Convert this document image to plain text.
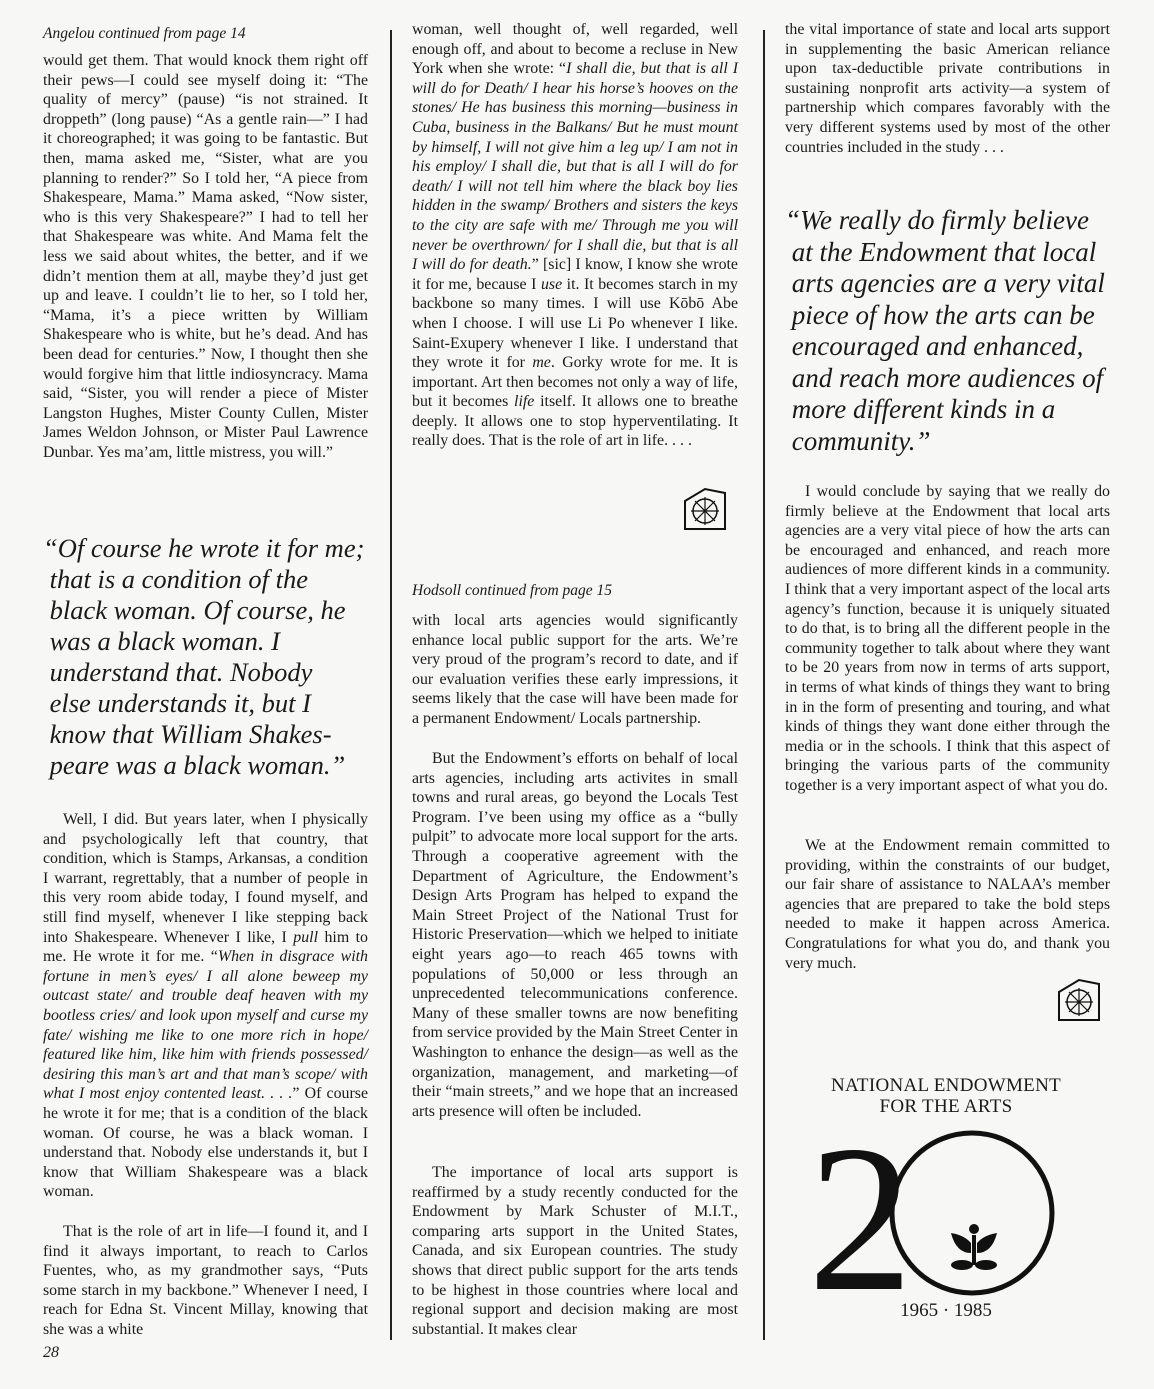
Angelou continued from page 14

would get them. That would knock them right off their pews—I could see myself doing it: “The quality of mercy” (pause) “is not strained. It droppeth” (long pause) “As a gentle rain—” I had it choreographed; it was going to be fantastic. But then, mama asked me, “Sister, what are you planning to render?” So I told her, “A piece from Shakespeare, Mama.” Mama asked, “Now sister, who is this very Shakespeare?” I had to tell her that Shakespeare was white. And Mama felt the less we said about whites, the better, and if we didn’t mention them at all, maybe they’d just get up and leave. I couldn’t lie to her, so I told her, “Mama, it’s a piece written by William Shakespeare who is white, but he’s dead. And has been dead for centuries.” Now, I thought then she would forgive him that little indiosyncracy. Mama said, “Sister, you will render a piece of Mister Langston Hughes, Mister County Cullen, Mister James Weldon Johnson, or Mister Paul Lawrence Dunbar. Yes ma’am, little mistress, you will.”

“Of course he wrote it for me;
that is a condition of the
black woman. Of course, he
was a black woman. I
understand that. Nobody
else understands it, but I
know that William Shakes-
peare was a black woman.”

Well, I did. But years later, when I physically and psychologically left that country, that condition, which is Stamps, Arkansas, a condition I warrant, regrettably, that a number of people in this very room abide today, I found myself, and still find myself, whenever I like stepping back into Shakespeare. Whenever I like, I pull him to me. He wrote it for me. “When in disgrace with fortune in men’s eyes/ I all alone beweep my outcast state/ and trouble deaf heaven with my bootless cries/ and look upon myself and curse my fate/ wishing me like to one more rich in hope/ featured like him, like him with friends possessed/ desiring this man’s art and that man’s scope/ with what I most enjoy contented least. . . .” Of course he wrote it for me; that is a condition of the black woman. Of course, he was a black woman. I understand that. Nobody else understands it, but I know that William Shakespeare was a black woman.

That is the role of art in life—I found it, and I find it always important, to reach to Carlos Fuentes, who, as my grandmother says, “Puts some starch in my backbone.” Whenever I need, I reach for Edna St. Vincent Millay, knowing that she was a white

28

woman, well thought of, well regarded, well enough off, and about to become a recluse in New York when she wrote: “I shall die, but that is all I will do for Death/ I hear his horse’s hooves on the stones/ He has business this morning—business in Cuba, business in the Balkans/ But he must mount by himself, I will not give him a leg up/ I am not in his employ/ I shall die, but that is all I will do for death/ I will not tell him where the black boy lies hidden in the swamp/ Brothers and sisters the keys to the city are safe with me/ Through me you will never be overthrown/ for I shall die, but that is all I will do for death.” [sic] I know, I know she wrote it for me, because I use it. It becomes starch in my backbone so many times. I will use Kōbō Abe when I choose. I will use Li Po whenever I like. Saint-Exupery whenever I like. I understand that they wrote it for me. Gorky wrote for me. It is important. Art then becomes not only a way of life, but it becomes life itself. It allows one to breathe deeply. It allows one to stop hyperventilating. It really does. That is the role of art in life. . . .

Hodsoll continued from page 15

with local arts agencies would significantly enhance local public support for the arts. We’re very proud of the program’s record to date, and if our evaluation verifies these early impressions, it seems likely that the case will have been made for a permanent Endowment/ Locals partnership.

But the Endowment’s efforts on behalf of local arts agencies, including arts activites in small towns and rural areas, go beyond the Locals Test Program. I’ve been using my office as a “bully pulpit” to advocate more local support for the arts. Through a cooperative agreement with the Department of Agriculture, the Endowment’s Design Arts Program has helped to expand the Main Street Project of the National Trust for Historic Preservation—which we helped to initiate eight years ago—to reach 465 towns with populations of 50,000 or less through an unprecedented telecommunications conference. Many of these smaller towns are now benefiting from service provided by the Main Street Center in Washington to enhance the design—as well as the organization, management, and marketing—of their “main streets,” and we hope that an increased arts presence will often be included.

The importance of local arts support is reaffirmed by a study recently conducted for the Endowment by Mark Schuster of M.I.T., comparing arts support in the United States, Canada, and six European countries. The study shows that direct public support for the arts tends to be highest in those countries where local and regional support and decision making are most substantial. It makes clear

the vital importance of state and local arts support in supplementing the basic American reliance upon tax-deductible private contributions in sustaining nonprofit arts activity—a system of partnership which compares favorably with the very different systems used by most of the other countries included in the study . . .

“We really do firmly believe
at the Endowment that local
arts agencies are a very vital
piece of how the arts can be
encouraged and enhanced,
and reach more audiences of
more different kinds in a
community.”

I would conclude by saying that we really do firmly believe at the Endowment that local arts agencies are a very vital piece of how the arts can be encouraged and enhanced, and reach more audiences of more different kinds in a community. I think that a very important aspect of the local arts agency’s function, because it is uniquely situated to do that, is to bring all the different people in the community together to talk about where they want to be 20 years from now in terms of arts support, in terms of what kinds of things they want to bring in in the form of presenting and touring, and what kinds of things they want done either through the media or in the schools. I think that this aspect of bringing the various parts of the community together is a very important aspect of what you do.

We at the Endowment remain committed to providing, within the constraints of our budget, our fair share of assistance to NALAA’s member agencies that are prepared to take the bold steps needed to make it happen across America. Congratulations for what you do, and thank you very much.

NATIONAL ENDOWMENT
FOR THE ARTS
2
1965 · 1985
